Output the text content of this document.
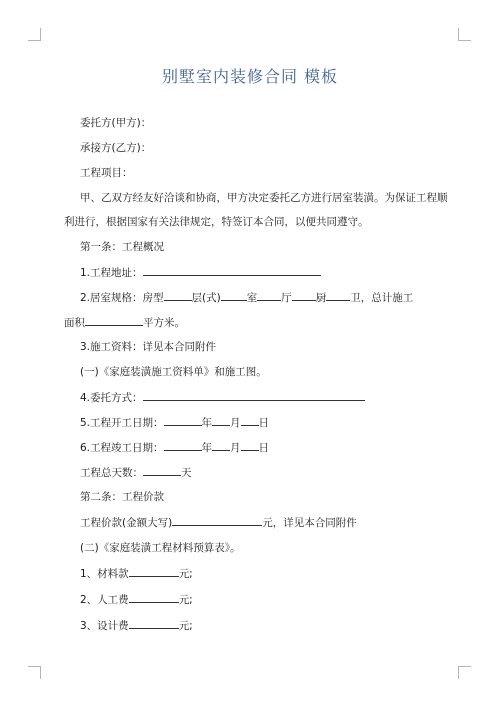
别墅室内装修合同 模板
委托方(甲方)：
承接方(乙方)：
工程项目：
甲、乙双方经友好洽谈和协商，甲方决定委托乙方进行居室装潢。为保证工程顺
利进行，根据国家有关法律规定，特签订本合同，以便共同遵守。
第一条：工程概况
1.工程地址：
2.居室规格：房型	层(式) 室 厅 厨 卫，总计施工
面积	平方米。
3.施工资料：详见本合同附件
(一)《家庭装潢施工资料单》和施工图。
4.委托方式：
5.工程开工日期：	年 月 日
6.工程竣工日期：	年 月 日
工程总天数：	天
第二条：工程价款
工程价款(金额大写)	元，详见本合同附件
(二)《家庭装潢工程材料预算表》。
1、材料款	元;
2、人工费	元;
3、设计费	元;
